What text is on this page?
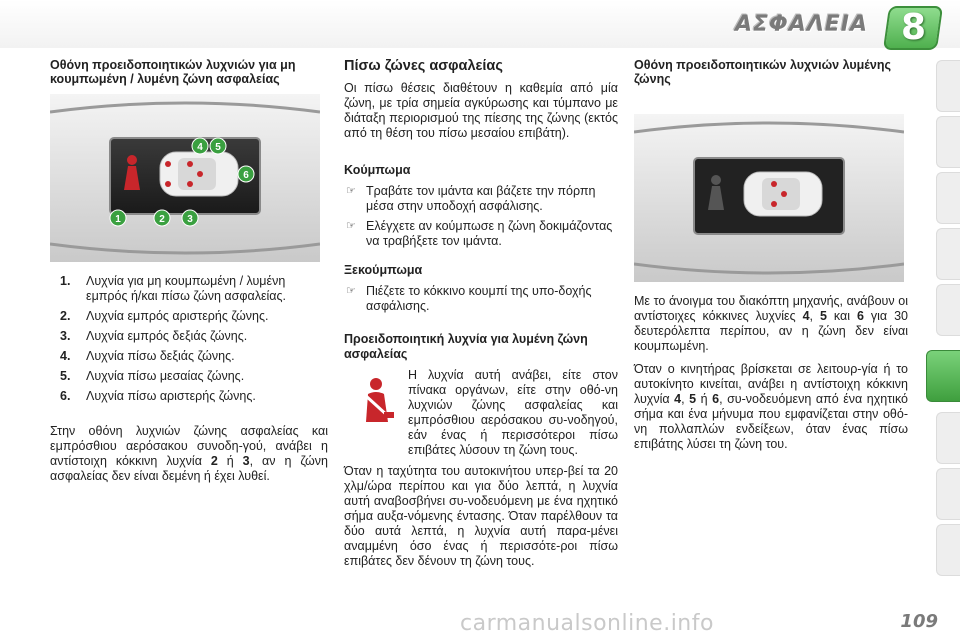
ΑΣΦΑΛΕΙΑ 8
Οθόνη προειδοποιητικών λυχνιών για μη κουμπωμένη / λυμένη ζώνη ασφαλείας
1	2 3
4 5
6
1. Λυχνία για μη κουμπωμένη / λυμένη εμπρός ή/και πίσω ζώνη ασφαλείας.
2. Λυχνία εμπρός αριστερής ζώνης.
3. Λυχνία εμπρός δεξιάς ζώνης.
4. Λυχνία πίσω δεξιάς ζώνης.
5. Λυχνία πίσω μεσαίας ζώνης.
6. Λυχνία πίσω αριστερής ζώνης.
Στην οθόνη λυχνιών ζώνης ασφαλείας και εμπρόσθιου αερόσακου συνοδη-γού, ανάβει η αντίστοιχη κόκκινη λυχνία 2 ή 3, αν η ζώνη ασφαλείας δεν είναι δεμένη ή έχει λυθεί.
Πίσω ζώνες ασφαλείας
Οι πίσω θέσεις διαθέτουν η καθεμία από μία ζώνη, με τρία σημεία αγκύρωσης και τύμπανο με διάταξη περιορισμού της πίεσης της ζώνης (εκτός από τη θέση του πίσω μεσαίου επιβάτη).
Κούμπωμα
☞ Τραβάτε τον ιμάντα και βάζετε την πόρπη μέσα στην υποδοχή ασφάλισης.
☞ Ελέγχετε αν κούμπωσε η ζώνη δοκιμάζοντας να τραβήξετε τον ιμάντα.
Ξεκούμπωμα
☞ Πιέζετε το κόκκινο κουμπί της υπο-δοχής ασφάλισης.
Προειδοποιητική λυχνία για λυμένη ζώνη ασφαλείας
Η λυχνία αυτή ανάβει, είτε στον πίνακα οργάνων, είτε στην οθό-νη λυχνιών ζώνης ασφαλείας και εμπρόσθιου αερόσακου συ-νοδηγού, εάν ένας ή περισσότεροι πίσω επιβάτες λύσουν τη ζώνη τους.
Όταν η ταχύτητα του αυτοκινήτου υπερ-βεί τα 20 χλμ/ώρα περίπου και για δύο λεπτά, η λυχνία αυτή αναβοσβήνει συ-νοδευόμενη με ένα ηχητικό σήμα αυξα-νόμενης έντασης. Όταν παρέλθουν τα δύο αυτά λεπτά, η λυχνία αυτή παρα-μένει αναμμένη όσο ένας ή περισσότε-ροι πίσω επιβάτες δεν δένουν τη ζώνη τους.
Οθόνη προειδοποιητικών λυχνιών λυμένης ζώνης
Με το άνοιγμα του διακόπτη μηχανής, ανάβουν οι αντίστοιχες κόκκινες λυχνίες 4, 5 και 6 για 30 δευτερόλεπτα περίπου, αν η ζώνη δεν είναι κουμπωμένη.
Όταν ο κινητήρας βρίσκεται σε λειτουρ-γία ή το αυτοκίνητο κινείται, ανάβει η αντίστοιχη κόκκινη λυχνία 4, 5 ή 6, συ-νοδευόμενη από ένα ηχητικό σήμα και ένα μήνυμα που εμφανίζεται στην οθό-νη πολλαπλών ενδείξεων, όταν ένας πίσω επιβάτης λύσει τη ζώνη του.
carmanualsonline.info	109
